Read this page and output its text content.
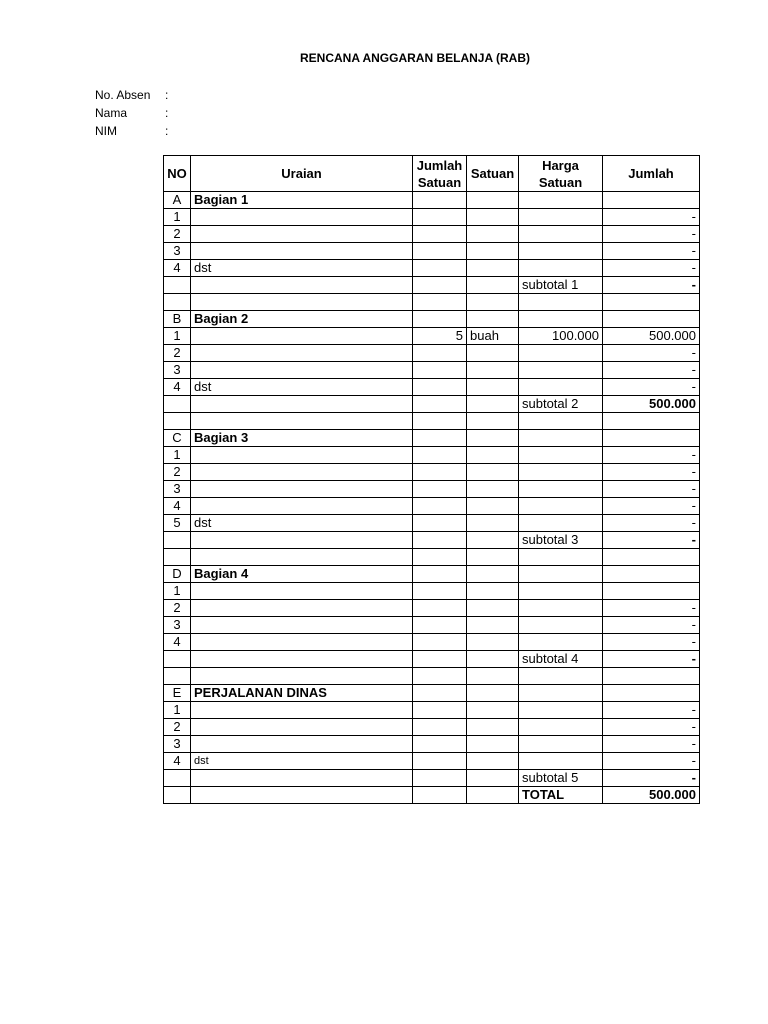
RENCANA ANGGARAN BELANJA (RAB)
No. Absen	:
Nama	:
NIM	:
NO	Uraian	Jumlah Satuan	Satuan	Harga Satuan	Jumlah
A	Bagian 1				
1					-
2					-
3					-
4	dst				-
				subtotal 1	-

B	Bagian 2				
1		5	buah	100.000	500.000
2					-
3					-
4	dst				-
				subtotal 2	500.000

C	Bagian 3				
1					-
2					-
3					-
4					-
5	dst				-
				subtotal 3	-

D	Bagian 4				
1					
2					-
3					-
4					-
				subtotal 4	-

E	PERJALANAN DINAS				
1					-
2					-
3					-
4	dst				-
				subtotal 5	-
				TOTAL	500.000
